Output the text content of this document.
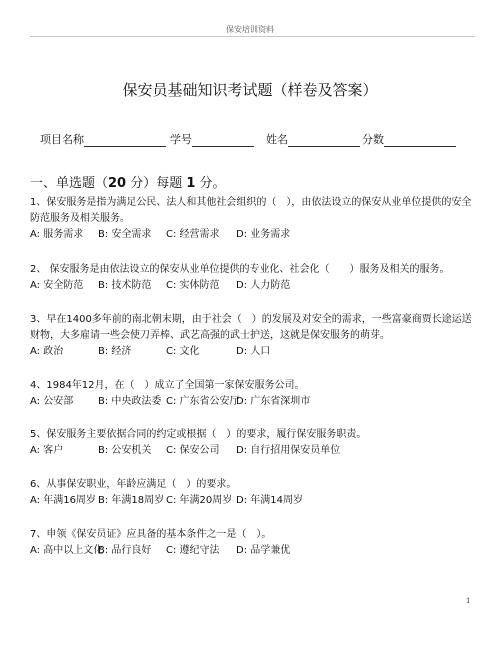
保安培训资料
保安员基础知识考试题（样卷及答案）
项目名称	学号	姓名	分数
一、单选题（20 分）每题 1 分。
1、保安服务是指为满足公民、法人和其他社会组织的（　），由依法设立的保安从业单位提供的安全防范服务及相关服务。
A: 服务需求 B: 安全需求 C: 经营需求 D: 业务需求
2、 保安服务是由依法设立的保安从业单位提供的专业化、社会化（　　）服务及相关的服务。
A: 安全防范 B: 技术防范 C: 实体防范 D: 人力防范
3、早在1400多年前的南北朝末期，由于社会（　）的发展及对安全的需求，一些富豪商贾长途运送财物，大多雇请一些会使刀弄棒、武艺高强的武士护送，这就是保安服务的萌芽。
A: 政治	B: 经济	C: 文化	D: 人口
4、1984年12月，在（　）成立了全国第一家保安服务公司。
A: 公安部 B: 中央政法委 C: 广东省公安厅
D: 广东省深圳市
5、保安服务主要依据合同的约定或根据（　）的要求，履行保安服务职责。
A: 客户	B: 公安机关 C: 保安公司 D: 自行招用保安员单位
6、从事保安职业，年龄应满足（　）的要求。
A: 年满16周岁 B: 年满18周岁 C: 年满20周岁 D: 年满14周岁
7、申领《保安员证》应具备的基本条件之一是（　）。
A: 高中以上文化
B: 品行良好 C: 遵纪守法 D: 品学兼优
1
